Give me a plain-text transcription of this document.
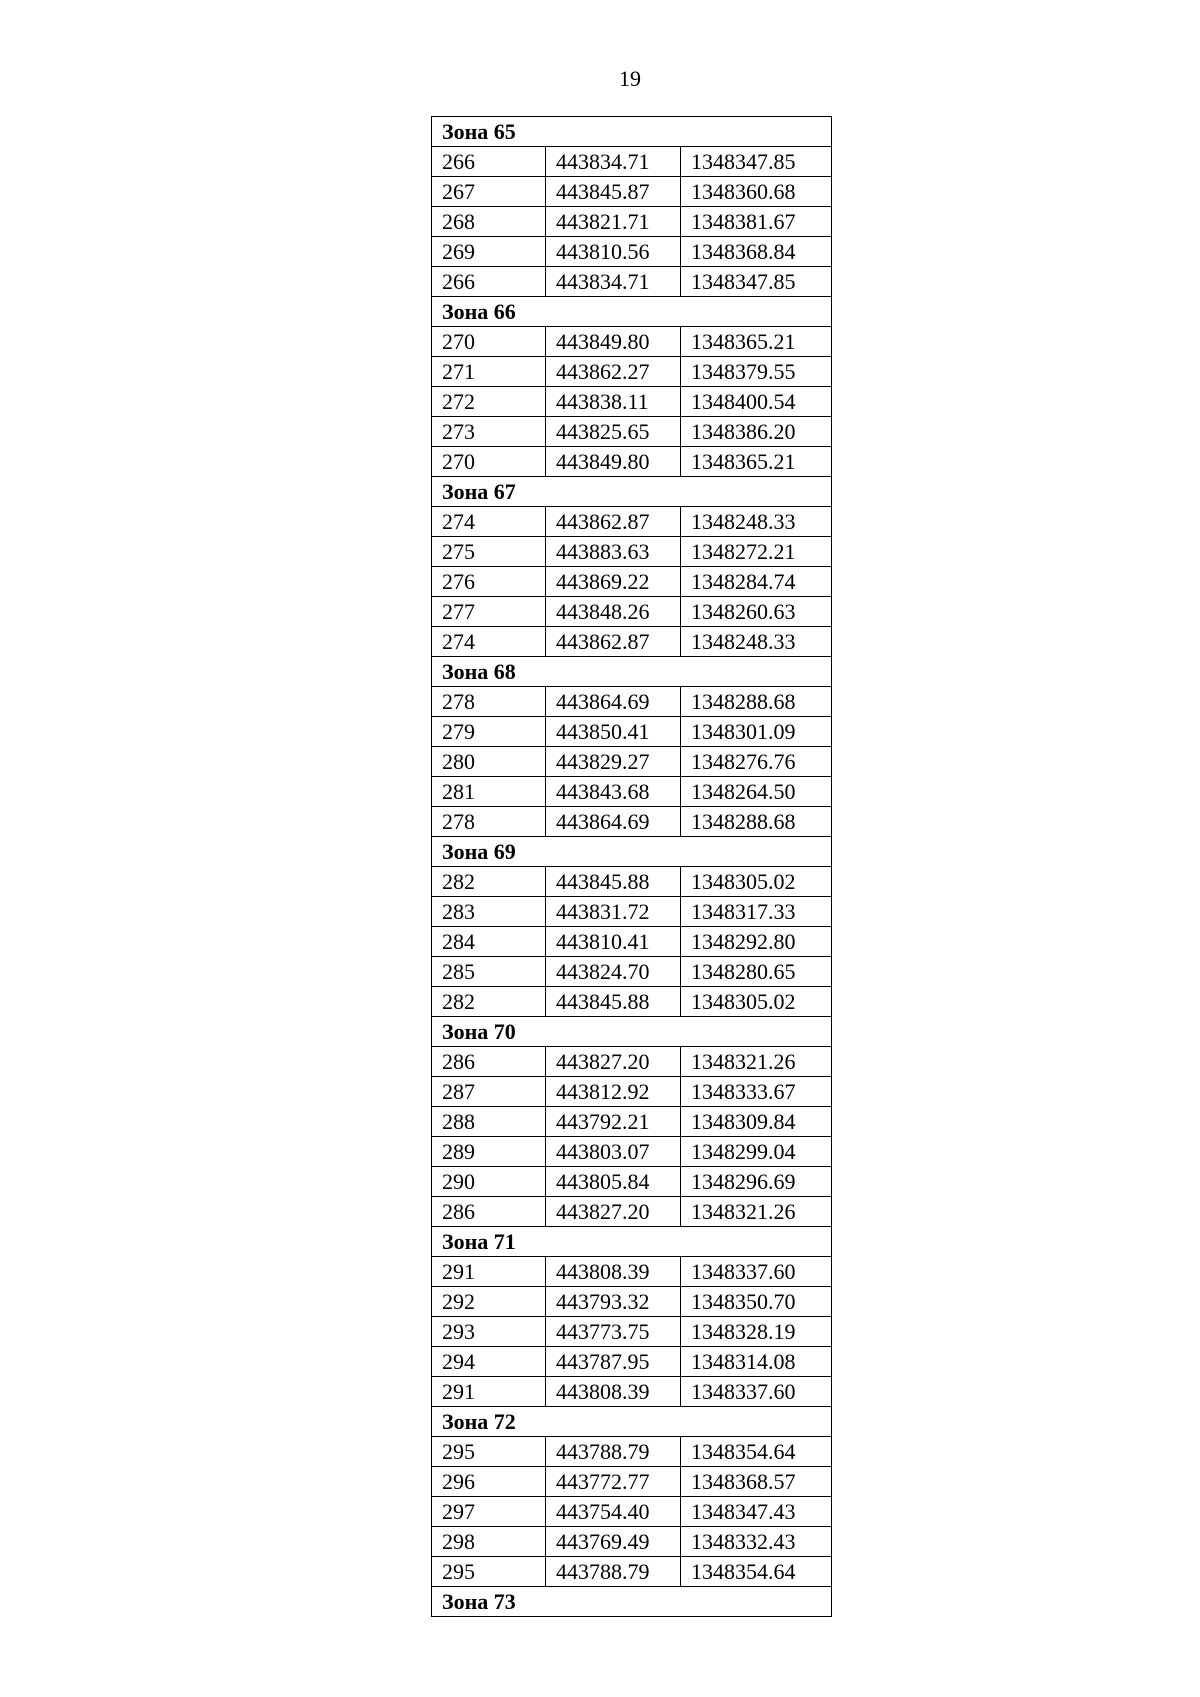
19
Зона 65		
266	443834.71	1348347.85
267	443845.87	1348360.68
268	443821.71	1348381.67
269	443810.56	1348368.84
266	443834.71	1348347.85
Зона 66		
270	443849.80	1348365.21
271	443862.27	1348379.55
272	443838.11	1348400.54
273	443825.65	1348386.20
270	443849.80	1348365.21
Зона 67		
274	443862.87	1348248.33
275	443883.63	1348272.21
276	443869.22	1348284.74
277	443848.26	1348260.63
274	443862.87	1348248.33
Зона 68		
278	443864.69	1348288.68
279	443850.41	1348301.09
280	443829.27	1348276.76
281	443843.68	1348264.50
278	443864.69	1348288.68
Зона 69		
282	443845.88	1348305.02
283	443831.72	1348317.33
284	443810.41	1348292.80
285	443824.70	1348280.65
282	443845.88	1348305.02
Зона 70		
286	443827.20	1348321.26
287	443812.92	1348333.67
288	443792.21	1348309.84
289	443803.07	1348299.04
290	443805.84	1348296.69
286	443827.20	1348321.26
Зона 71		
291	443808.39	1348337.60
292	443793.32	1348350.70
293	443773.75	1348328.19
294	443787.95	1348314.08
291	443808.39	1348337.60
Зона 72		
295	443788.79	1348354.64
296	443772.77	1348368.57
297	443754.40	1348347.43
298	443769.49	1348332.43
295	443788.79	1348354.64
Зона 73		
